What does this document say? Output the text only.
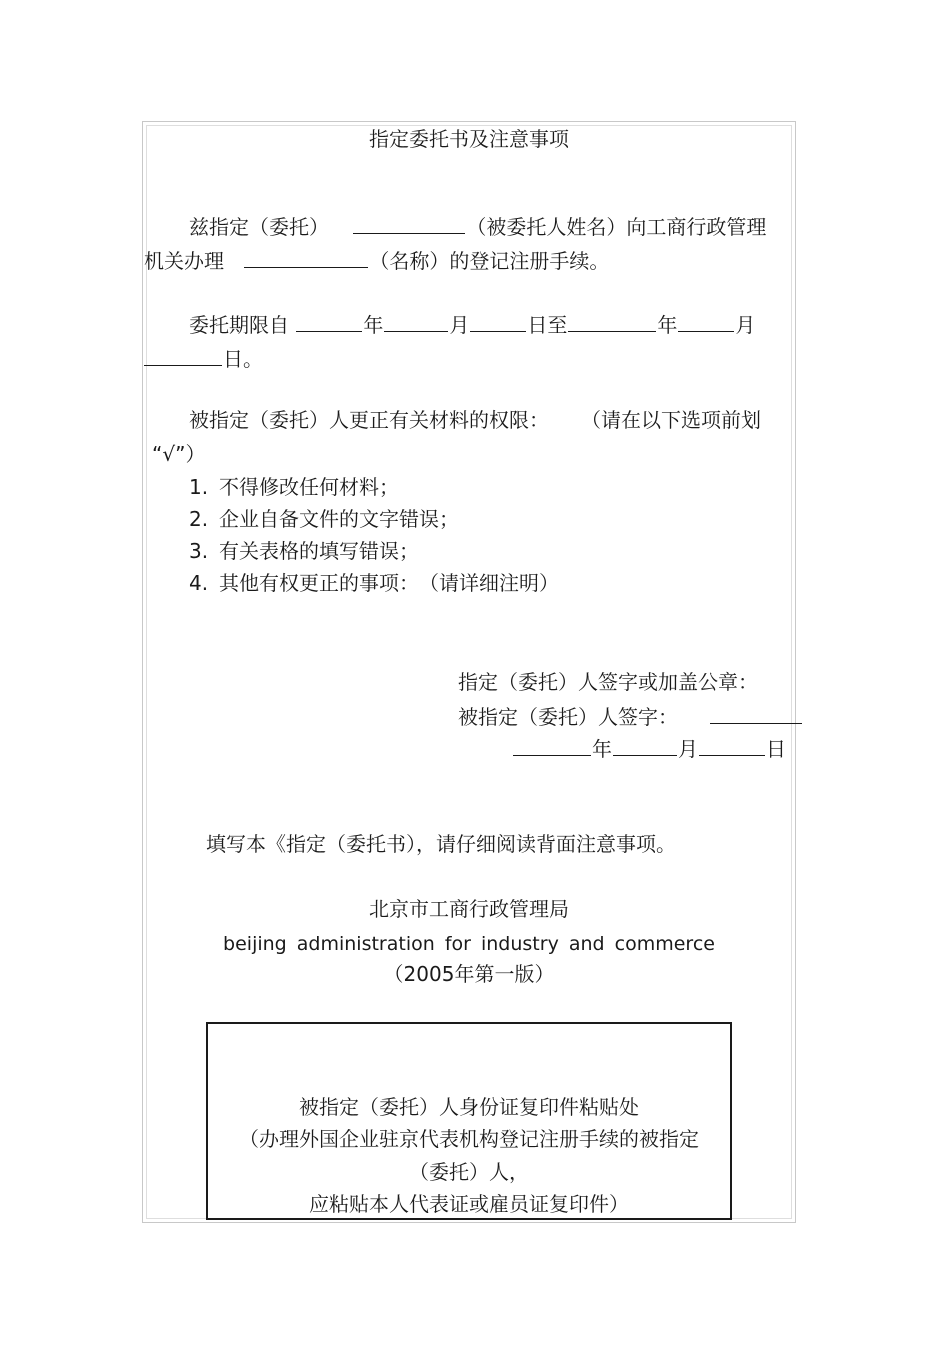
指定委托书及注意事项
兹指定（委托）	（被委托人姓名）向工商行政管理
机关办理	（名称）的登记注册手续。
委托期限自	年	月	日至	年	月
日。
被指定（委托）人更正有关材料的权限： （请在以下选项前划
“√”）
1. 不得修改任何材料；
2. 企业自备文件的文字错误；
3. 有关表格的填写错误；
4. 其他有权更正的事项：　（请详细注明）
指定（委托）人签字或加盖公章：
被指定（委托）人签字：
年	月	日
填写本《指定（委托书），请仔细阅读背面注意事项。
北京市工商行政管理局
beijing administration for industry and commerce
（2005年第一版）
被指定（委托）人身份证复印件粘贴处
（办理外国企业驻京代表机构登记注册手续的被指定
（委托）人，
应粘贴本人代表证或雇员证复印件）
